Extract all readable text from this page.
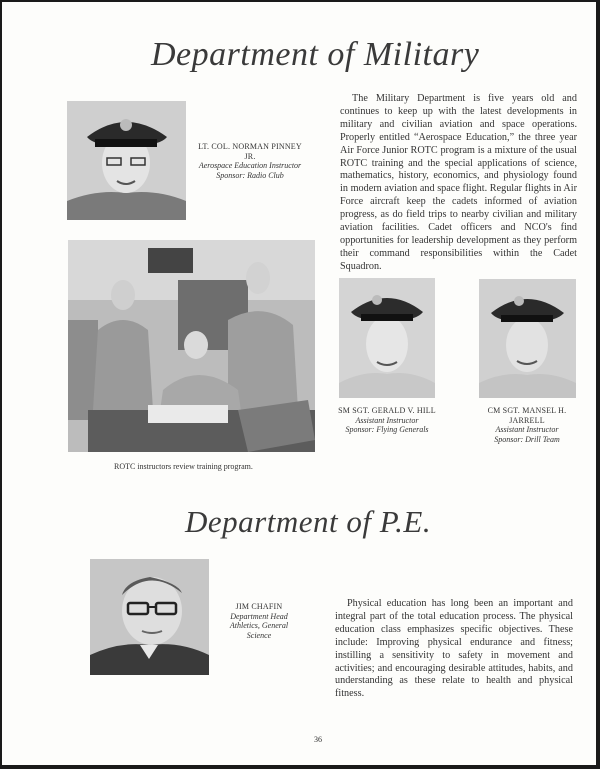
Department of Military
LT. COL. NORMAN PINNEY JR.
Aerospace Education Instructor
Sponsor: Radio Club

The Military Department is five years old and continues to keep up with the latest developments in military and civilian aviation and space operations. Properly entitled “Aerospace Education,” the three year Air Force Junior ROTC program is a mixture of the usual ROTC training and the special applications of science, mathematics, history, economics, and physiology found in modern aviation and space flight. Regular flights in Air Force aircraft keep the cadets informed of aviation progress, as do field trips to nearby civilian and military aviation facilities. Cadet officers and NCO's find opportunities for leadership development as they perform their command responsibilities within the Cadet Squadron.

ROTC instructors review training program.
SM SGT. GERALD V. HILL
Assistant Instructor
Sponsor: Flying Generals
CM SGT. MANSEL H. JARRELL
Assistant Instructor
Sponsor: Drill Team
Department of P.E.
JIM CHAFIN
Department Head
Athletics, General Science

Physical education has long been an important and integral part of the total education process. The physical education class emphasizes specific objectives. These include: Improving physical endurance and fitness; instilling a sensitivity to safety in movement and activities; and encouraging desirable attitudes, habits, and understanding as these relate to health and physical fitness.

36
